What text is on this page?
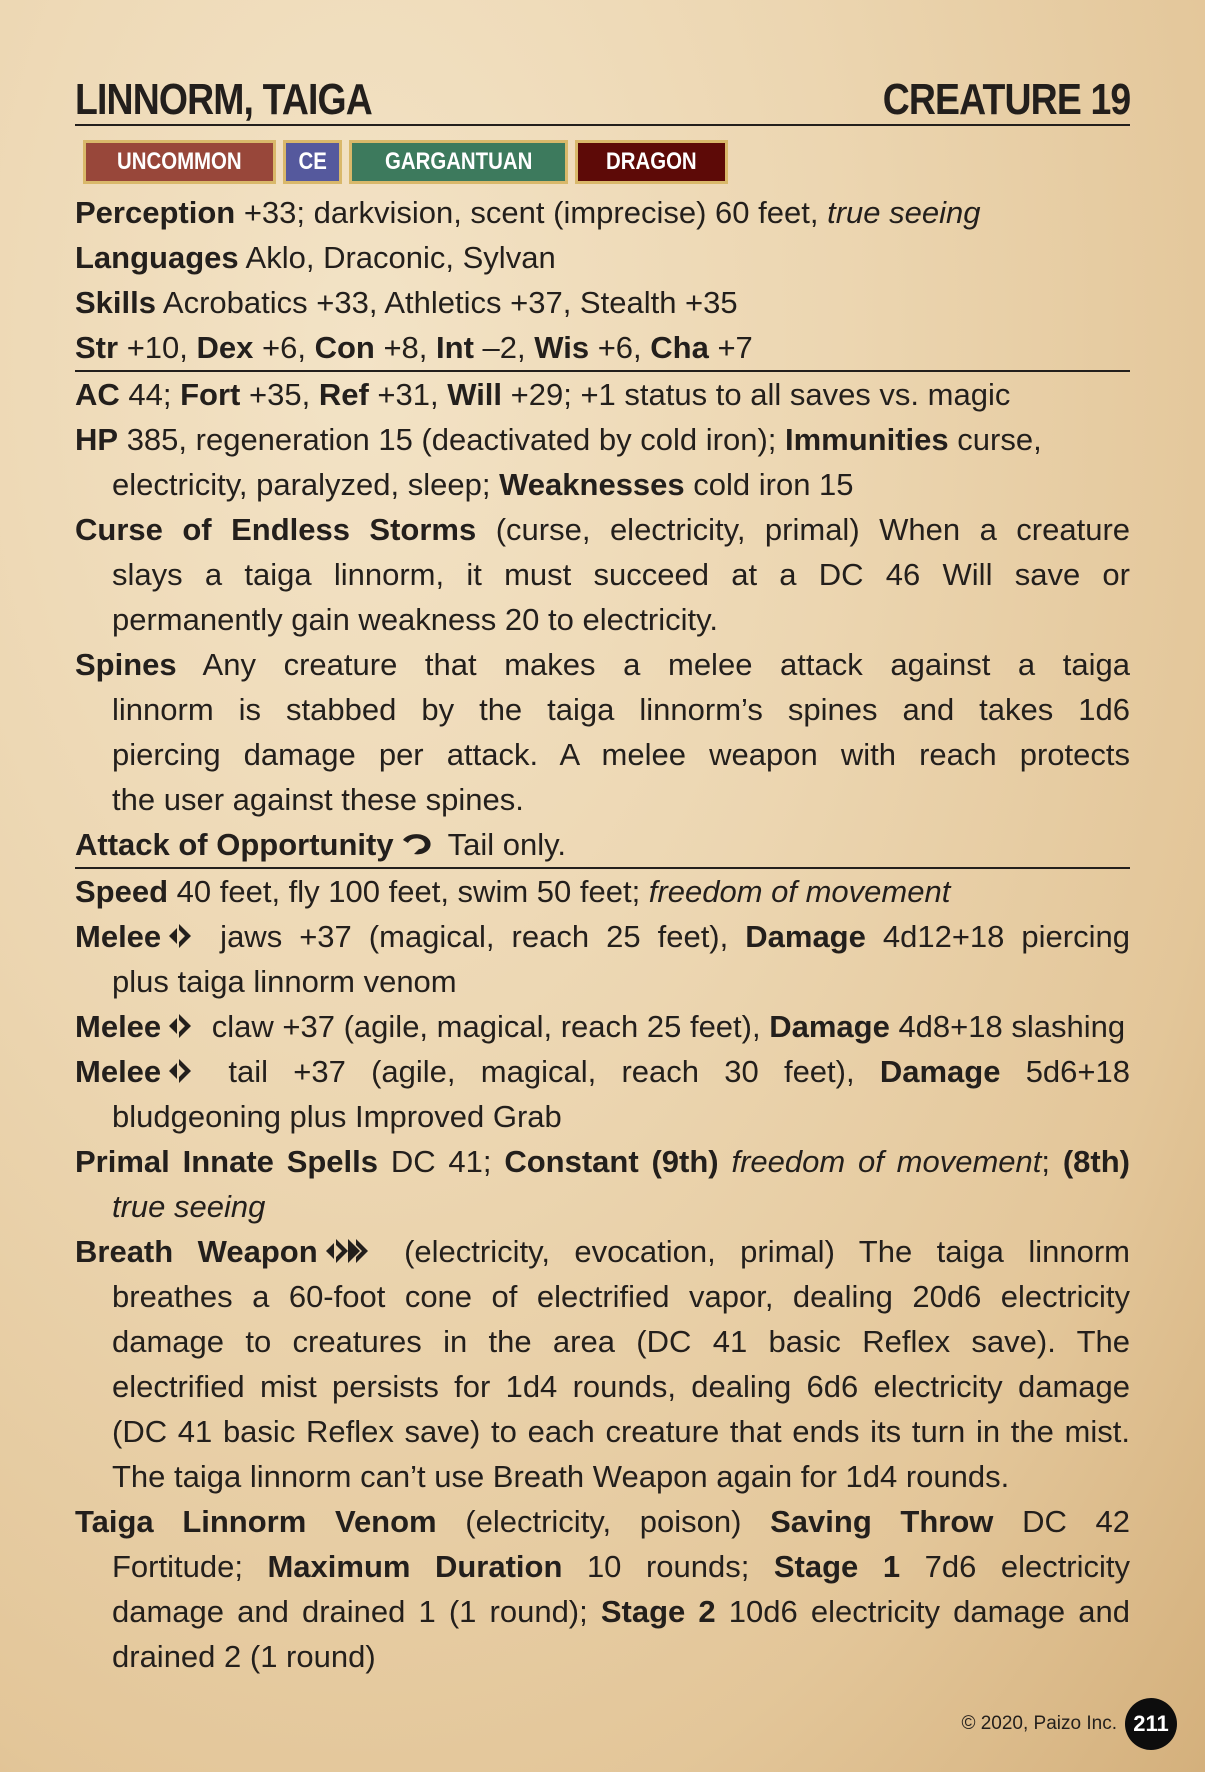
LINNORM, TAIGA	CREATURE 19
UNCOMMON CE GARGANTUAN	DRAGON
Perception +33; darkvision, scent (imprecise) 60 feet, true seeing
Languages Aklo, Draconic, Sylvan
Skills Acrobatics +33, Athletics +37, Stealth +35
Str +10, Dex +6, Con +8, Int –2, Wis +6, Cha +7
AC 44; Fort +35, Ref +31, Will +29; +1 status to all saves vs. magic
HP 385, regeneration 15 (deactivated by cold iron); Immunities curse,
electricity, paralyzed, sleep; Weaknesses cold iron 15
Curse of Endless Storms (curse, electricity, primal) When a creature
slays a taiga linnorm, it must succeed at a DC 46 Will save or
permanently gain weakness 20 to electricity.
Spines Any creature that makes a melee attack against a taiga
linnorm is stabbed by the taiga linnorm’s spines and takes 1d6
piercing damage per attack. A melee weapon with reach protects
the user against these spines.
Attack of Opportunity Tail only.
Speed 40 feet, fly 100 feet, swim 50 feet; freedom of movement
Melee jaws +37 (magical, reach 25 feet), Damage 4d12+18 piercing
plus taiga linnorm venom
Melee claw +37 (agile, magical, reach 25 feet), Damage 4d8+18 slashing
Melee tail +37 (agile, magical, reach 30 feet), Damage 5d6+18
bludgeoning plus Improved Grab
Primal Innate Spells DC 41; Constant (9th) freedom of movement; (8th)
true seeing
Breath Weapon (electricity, evocation, primal) The taiga linnorm
breathes a 60-foot cone of electrified vapor, dealing 20d6 electricity
damage to creatures in the area (DC 41 basic Reflex save). The
electrified mist persists for 1d4 rounds, dealing 6d6 electricity damage
(DC 41 basic Reflex save) to each creature that ends its turn in the mist.
The taiga linnorm can’t use Breath Weapon again for 1d4 rounds.
Taiga Linnorm Venom (electricity, poison) Saving Throw DC 42
Fortitude; Maximum Duration 10 rounds; Stage 1 7d6 electricity
damage and drained 1 (1 round); Stage 2 10d6 electricity damage and
drained 2 (1 round)
© 2020, Paizo Inc. 211
